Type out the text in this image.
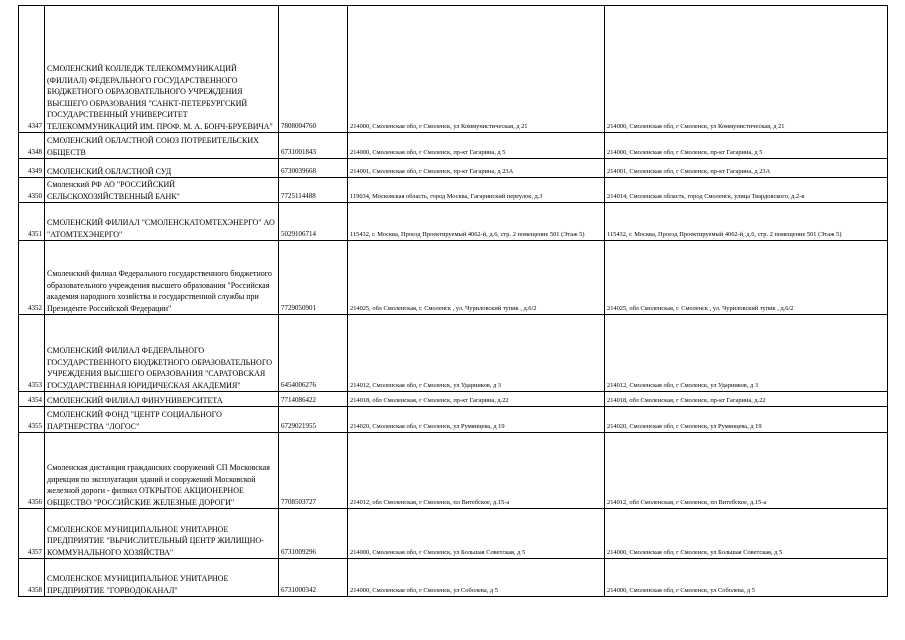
4347	СМОЛЕНСКИЙ КОЛЛЕДЖ ТЕЛЕКОММУНИКАЦИЙ (ФИЛИАЛ) ФЕДЕРАЛЬНОГО ГОСУДАРСТВЕННОГО БЮДЖЕТНОГО ОБРАЗОВАТЕЛЬНОГО УЧРЕЖДЕНИЯ ВЫСШЕГО ОБРАЗОВАНИЯ "САНКТ-ПЕТЕРБУРГСКИЙ ГОСУДАРСТВЕННЫЙ УНИВЕРСИТЕТ ТЕЛЕКОММУНИКАЦИЙ ИМ. ПРОФ. М. А. БОНЧ-БРУЕВИЧА"	7808004760	214000, Смоленская обл, г Смоленск, ул Коммунистическая, д 21	214000, Смоленская обл, г Смоленск, ул Коммунистическая, д 21
4348	СМОЛЕНСКИЙ ОБЛАСТНОЙ СОЮЗ ПОТРЕБИТЕЛЬСКИХ ОБЩЕСТВ	6731001843	214000, Смоленская обл, г Смоленск, пр-кт Гагарина, д 5	214000, Смоленская обл, г Смоленск, пр-кт Гагарина, д 5
4349	СМОЛЕНСКИЙ ОБЛАСТНОЙ СУД	6730039668	214001, Смоленская обл, г Смоленск, пр-кт Гагарина, д 23А	214001, Смоленская обл, г Смоленск, пр-кт Гагарина, д 23А
4350	Смоленский РФ АО "РОССИЙСКИЙ СЕЛЬСКОХОЗЯЙСТВЕННЫЙ БАНК"	7725114488	119034, Московская область, город Москва, Гагаринский переулок, д.3	214014, Смоленская область, город Смоленск, улица Твардовского, д.2-в
4351	СМОЛЕНСКИЙ ФИЛИАЛ "СМОЛЕНСКАТОМТЕХЭНЕРГО" АО "АТОМТЕХЭНЕРГО"	5029106714	115432, г. Москва, Проезд Проектируемый 4062-й, д.6, стр. 2 помещение 501 (Этаж 5)	115432, г. Москва, Проезд Проектируемый 4062-й, д.6, стр. 2 помещение 501 (Этаж 5)
4352	Смоленский филиал Федерального государственного бюджетного образовательного учреждения высшего образования "Российская академия народного хозяйства и государственной службы при Президенте Российской Федерации"	7729050901	214025, обл Смоленская, г. Смоленск , ул. Чуриловский тупик , д.6/2	214025, обл Смоленская, г. Смоленск , ул. Чуриловский тупик , д.6/2
4353	СМОЛЕНСКИЙ ФИЛИАЛ ФЕДЕРАЛЬНОГО ГОСУДАРСТВЕННОГО БЮДЖЕТНОГО ОБРАЗОВАТЕЛЬНОГО УЧРЕЖДЕНИЯ ВЫСШЕГО ОБРАЗОВАНИЯ "САРАТОВСКАЯ ГОСУДАРСТВЕННАЯ ЮРИДИЧЕСКАЯ АКАДЕМИЯ"	6454006276	214012, Смоленская обл, г Смоленск, ул Ударников, д 3	214012, Смоленская обл, г Смоленск, ул Ударников, д 3
4354	СМОЛЕНСКИЙ ФИЛИАЛ ФИНУНИВЕРСИТЕТА	7714086422	214018, обл Смоленская, г Смоленск, пр-кт Гагарина, д.22	214018, обл Смоленская, г Смоленск, пр-кт Гагарина, д.22
4355	СМОЛЕНСКИЙ ФОНД "ЦЕНТР СОЦИАЛЬНОГО ПАРТНЕРСТВА "ЛОГОС"	6729021955	214020, Смоленская обл, г Смоленск, ул Румянцева, д 19	214020, Смоленская обл, г Смоленск, ул Румянцева, д 19
4356	Смоленская дистанция гражданских сооружений СП Московская дирекция по эксплуатации зданий и сооружений Московской железной дороги - филиал ОТКРЫТОЕ АКЦИОНЕРНОЕ ОБЩЕСТВО "РОССИЙСКИЕ ЖЕЛЕЗНЫЕ ДОРОГИ"	7708503727	214012, обл Смоленская, г Смоленск, пл Витебское, д.15-а	214012, обл Смоленская, г Смоленск, пл Витебское, д.15-а
4357	СМОЛЕНСКОЕ МУНИЦИПАЛЬНОЕ УНИТАРНОЕ ПРЕДПРИЯТИЕ "ВЫЧИСЛИТЕЛЬНЫЙ ЦЕНТР ЖИЛИЩНО-КОММУНАЛЬНОГО ХОЗЯЙСТВА"	6731009296	214000, Смоленская обл, г Смоленск, ул Большая Советская, д 5	214000, Смоленская обл, г Смоленск, ул Большая Советская, д 5
4358	СМОЛЕНСКОЕ МУНИЦИПАЛЬНОЕ УНИТАРНОЕ ПРЕДПРИЯТИЕ "ГОРВОДОКАНАЛ"	6731000342	214000, Смоленская обл, г Смоленск, ул Соболева, д 5	214000, Смоленская обл, г Смоленск, ул Соболева, д 5
